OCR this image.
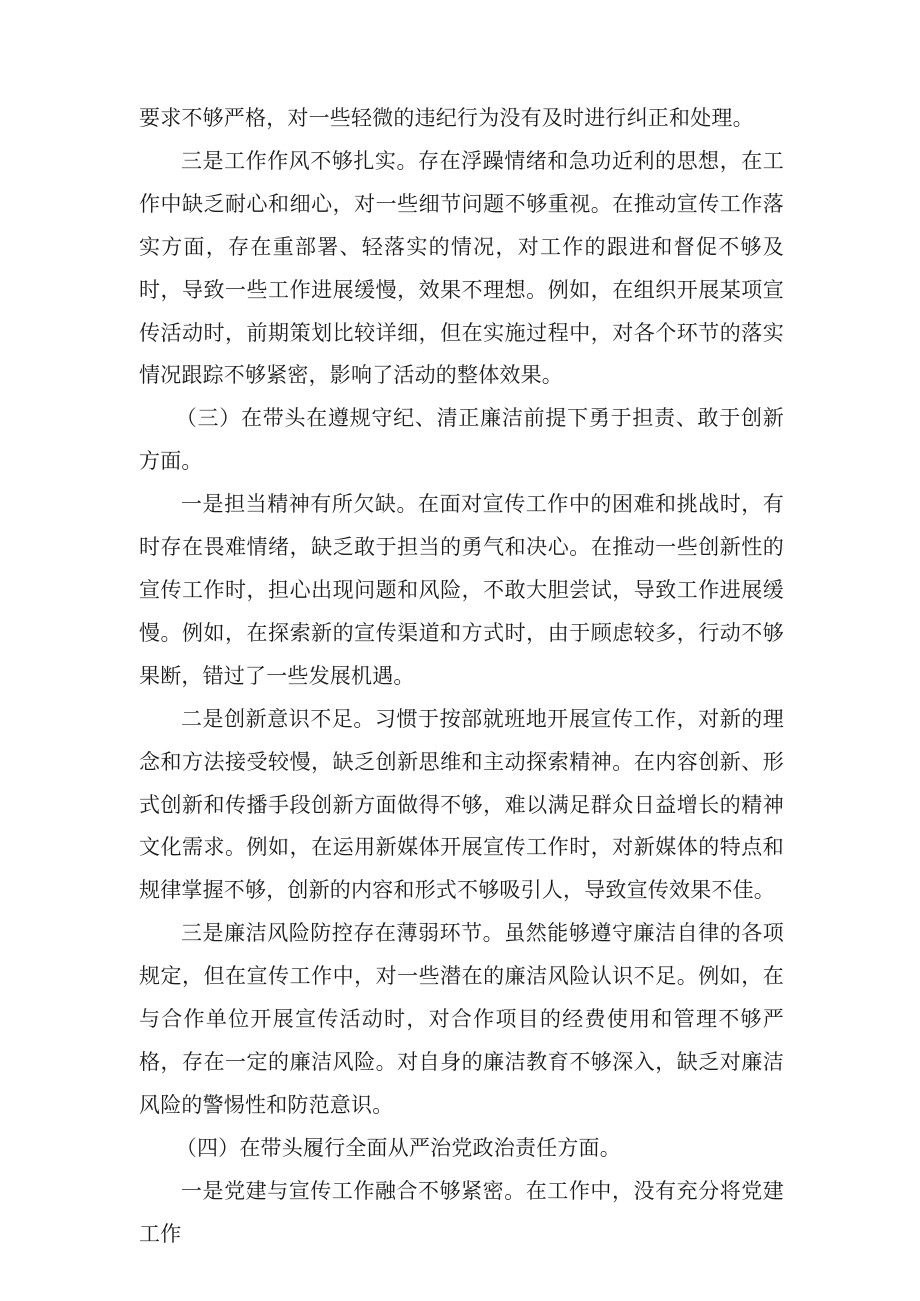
要求不够严格，对一些轻微的违纪行为没有及时进行纠正和处理。

三是工作作风不够扎实。存在浮躁情绪和急功近利的思想，在工作中缺乏耐心和细心，对一些细节问题不够重视。在推动宣传工作落实方面，存在重部署、轻落实的情况，对工作的跟进和督促不够及时，导致一些工作进展缓慢，效果不理想。例如，在组织开展某项宣传活动时，前期策划比较详细，但在实施过程中，对各个环节的落实情况跟踪不够紧密，影响了活动的整体效果。

（三）在带头在遵规守纪、清正廉洁前提下勇于担责、敢于创新方面。

一是担当精神有所欠缺。在面对宣传工作中的困难和挑战时，有时存在畏难情绪，缺乏敢于担当的勇气和决心。在推动一些创新性的宣传工作时，担心出现问题和风险，不敢大胆尝试，导致工作进展缓慢。例如，在探索新的宣传渠道和方式时，由于顾虑较多，行动不够果断，错过了一些发展机遇。

二是创新意识不足。习惯于按部就班地开展宣传工作，对新的理念和方法接受较慢，缺乏创新思维和主动探索精神。在内容创新、形式创新和传播手段创新方面做得不够，难以满足群众日益增长的精神文化需求。例如，在运用新媒体开展宣传工作时，对新媒体的特点和规律掌握不够，创新的内容和形式不够吸引人，导致宣传效果不佳。

三是廉洁风险防控存在薄弱环节。虽然能够遵守廉洁自律的各项规定，但在宣传工作中，对一些潜在的廉洁风险认识不足。例如，在与合作单位开展宣传活动时，对合作项目的经费使用和管理不够严格，存在一定的廉洁风险。对自身的廉洁教育不够深入，缺乏对廉洁风险的警惕性和防范意识。

（四）在带头履行全面从严治党政治责任方面。

一是党建与宣传工作融合不够紧密。在工作中，没有充分将党建工作
